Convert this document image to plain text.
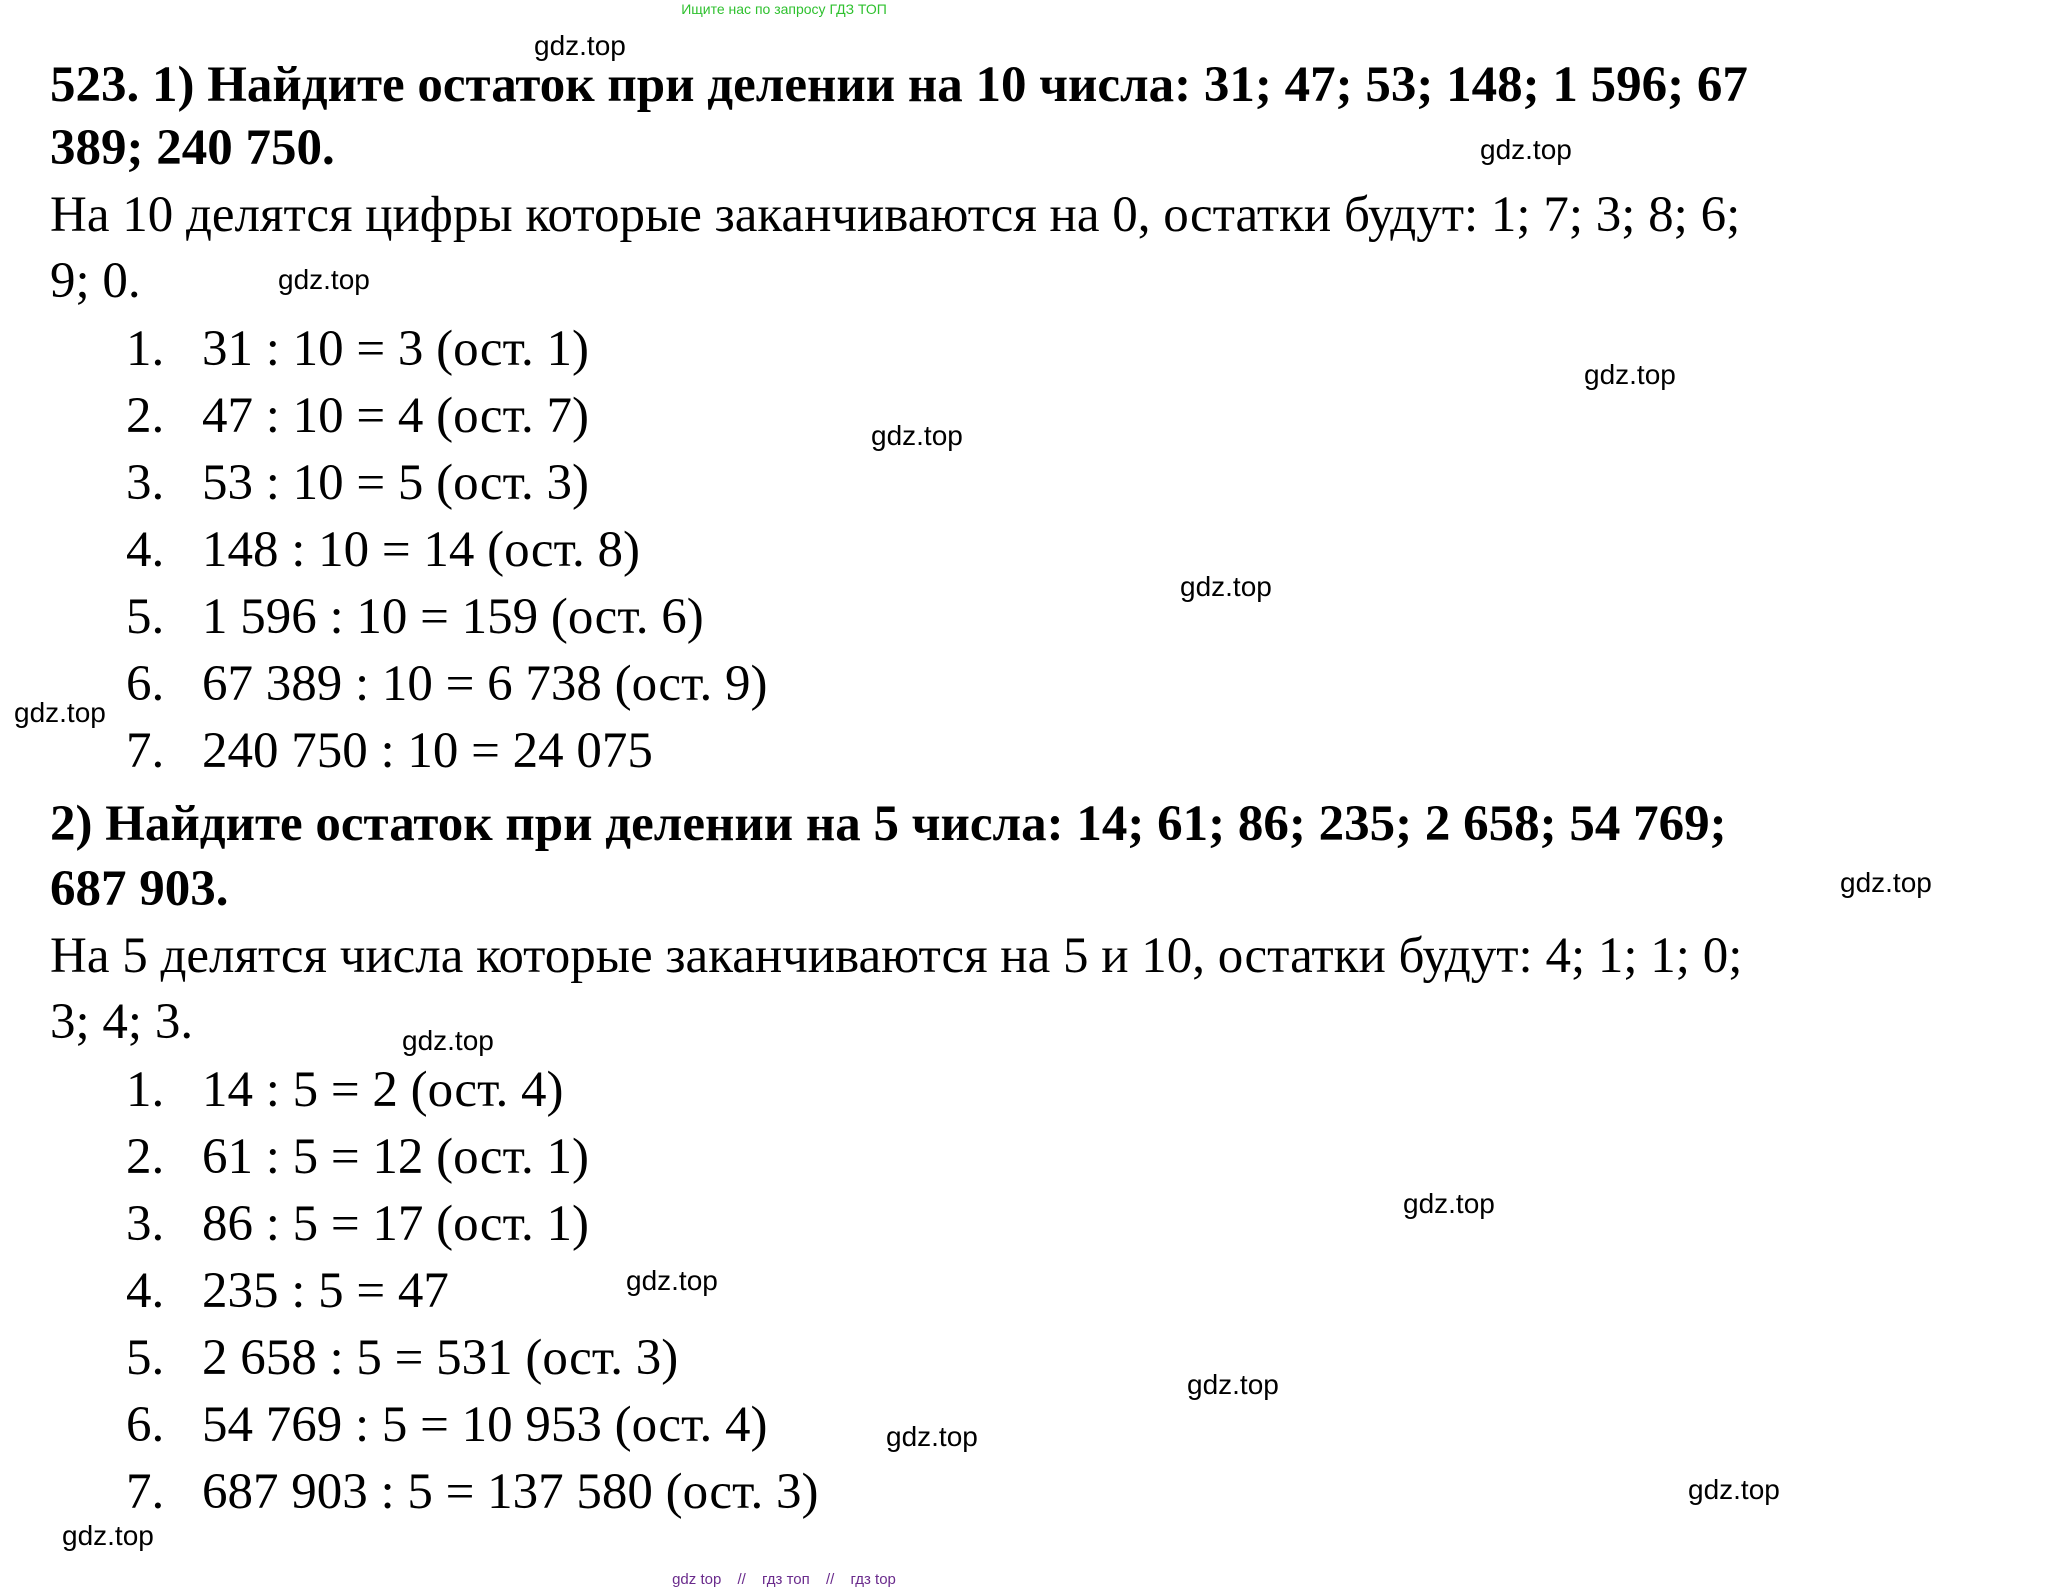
Ищите нас по запросу ГДЗ ТОП
523. 1) Найдите остаток при делении на 10 числа: 31; 47; 53; 148; 1 596; 67
389; 240 750.
На 10 делятся цифры которые заканчиваются на 0, остатки будут: 1; 7; 3; 8; 6;
9; 0.
1. 31 : 10 = 3 (ост. 1)
2. 47 : 10 = 4 (ост. 7)
3. 53 : 10 = 5 (ост. 3)
4. 148 : 10 = 14 (ост. 8)
5. 1 596 : 10 = 159 (ост. 6)
6. 67 389 : 10 = 6 738 (ост. 9)
7. 240 750 : 10 = 24 075
2) Найдите остаток при делении на 5 числа: 14; 61; 86; 235; 2 658; 54 769;
687 903.
На 5 делятся числа которые заканчиваются на 5 и 10, остатки будут: 4; 1; 1; 0;
3; 4; 3.
1. 14 : 5 = 2 (ост. 4)
2. 61 : 5 = 12 (ост. 1)
3. 86 : 5 = 17 (ост. 1)
4. 235 : 5 = 47
5. 2 658 : 5 = 531 (ост. 3)
6. 54 769 : 5 = 10 953 (ост. 4)
7. 687 903 : 5 = 137 580 (ост. 3)
gdz.top
gdz.top
gdz.top
gdz.top
gdz.top
gdz.top
gdz.top
gdz.top
gdz.top
gdz.top
gdz.top
gdz.top
gdz.top
gdz.top
gdz.top
gdz top // гдз топ // гдз top
